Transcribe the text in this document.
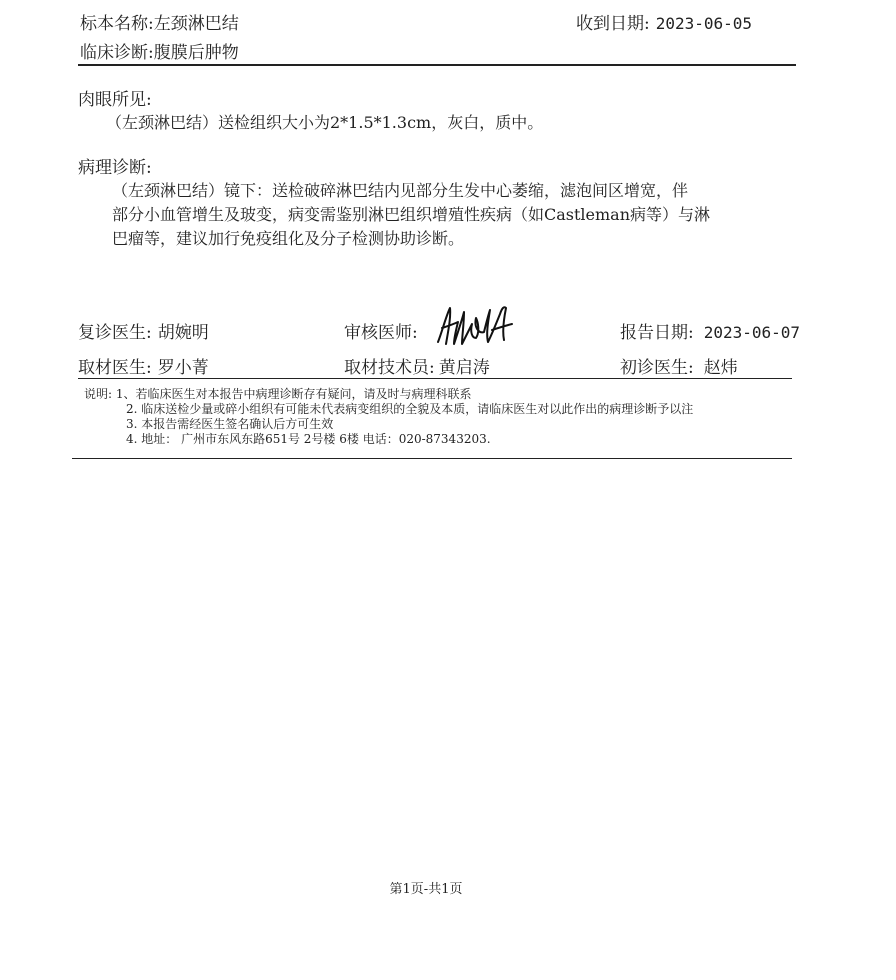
标本名称:左颈淋巴结	收到日期: 2023-06-05
临床诊断:腹膜后肿物
肉眼所见:
（左颈淋巴结）送检组织大小为2*1.5*1.3cm，灰白，质中。
病理诊断:
（左颈淋巴结）镜下：送检破碎淋巴结内见部分生发中心萎缩，滤泡间区增宽，伴
部分小血管增生及玻变，病变需鉴别淋巴组织增殖性疾病（如Castleman病等）与淋
巴瘤等，建议加行免疫组化及分子检测协助诊断。
复诊医生: 胡婉明	审核医师:	报告日期: 2023-06-07
取材医生: 罗小菁	取材技术员: 黄启涛	初诊医生: 赵炜
说明: 1、若临床医生对本报告中病理诊断存有疑问，请及时与病理科联系
2. 临床送检少量或碎小组织有可能未代表病变组织的全貌及本质，请临床医生对以此作出的病理诊断予以注
3. 本报告需经医生签名确认后方可生效
4. 地址： 广州市东风东路651号 2号楼 6楼 电话：020-87343203.
第1页-共1页
